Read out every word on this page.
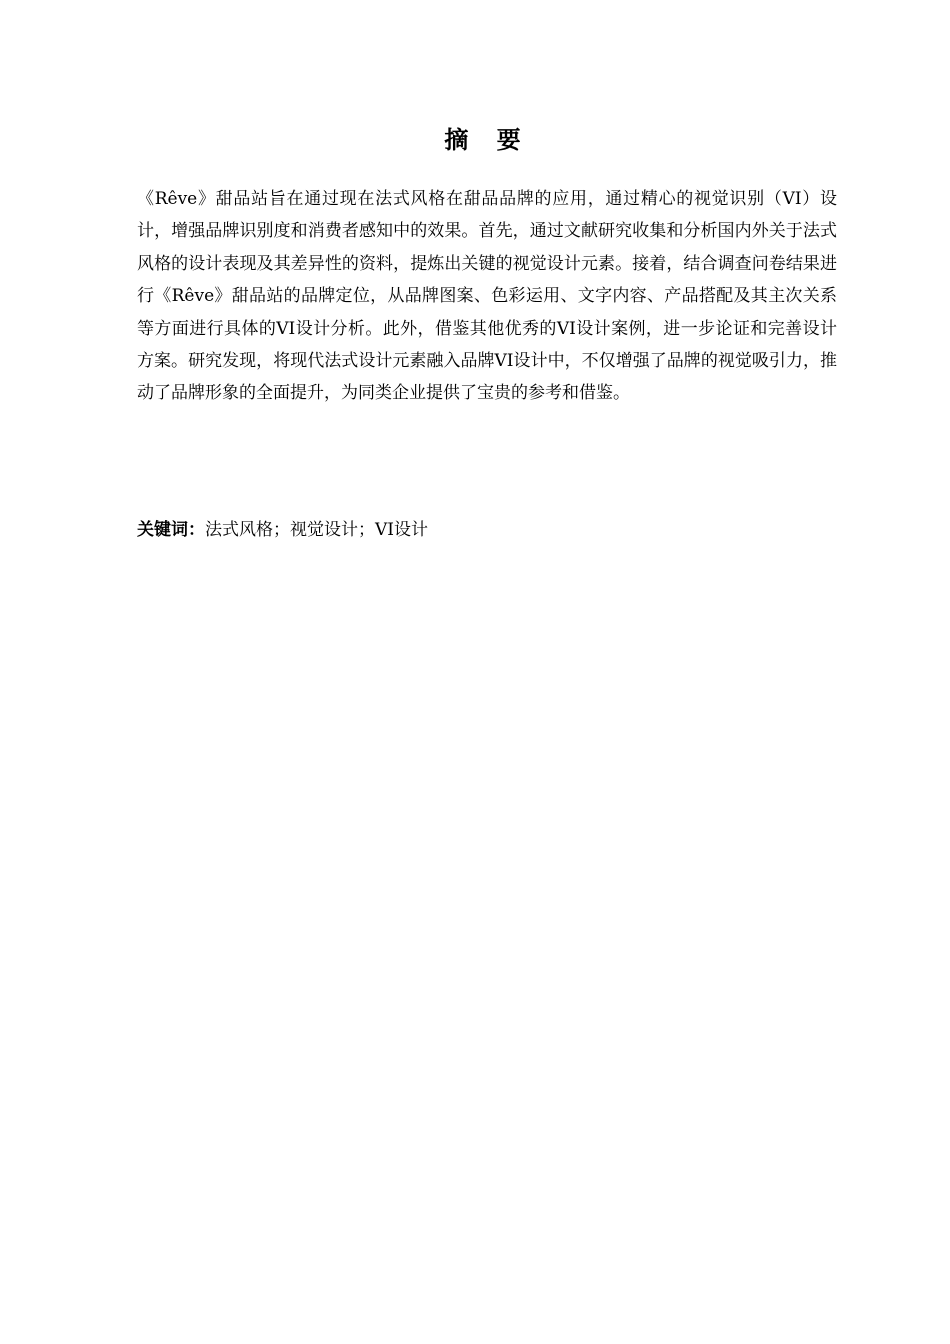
摘 要

《Rêve》甜品站旨在通过现在法式风格在甜品品牌的应用，通过精心的视觉识别（VI）设计，增强品牌识别度和消费者感知中的效果。首先，通过文献研究收集和分析国内外关于法式风格的设计表现及其差异性的资料，提炼出关键的视觉设计元素。接着，结合调查问卷结果进行《Rêve》甜品站的品牌定位，从品牌图案、色彩运用、文字内容、产品搭配及其主次关系等方面进行具体的VI设计分析。此外，借鉴其他优秀的VI设计案例，进一步论证和完善设计方案。研究发现，将现代法式设计元素融入品牌VI设计中，不仅增强了品牌的视觉吸引力，推动了品牌形象的全面提升，为同类企业提供了宝贵的参考和借鉴。

关键词：法式风格；视觉设计；VI设计
